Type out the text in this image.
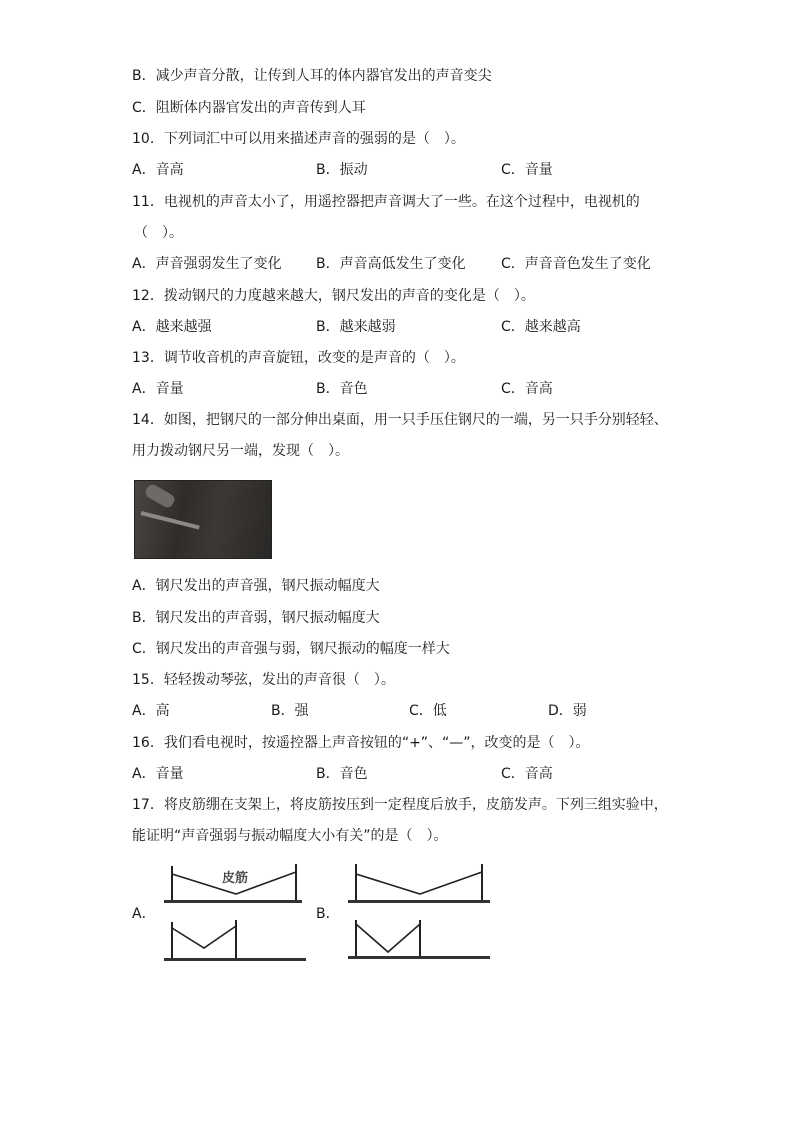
B．减少声音分散，让传到人耳的体内器官发出的声音变尖
C．阻断体内器官发出的声音传到人耳
10．下列词汇中可以用来描述声音的强弱的是（　）。
A．音高	B．振动	C．音量
11．电视机的声音太小了，用遥控器把声音调大了一些。在这个过程中，电视机的
（　）。
A．声音强弱发生了变化 B．声音高低发生了变化	C．声音音色发生了变化
12．拨动钢尺的力度越来越大，钢尺发出的声音的变化是（　）。
A．越来越强	B．越来越弱	C．越来越高
13．调节收音机的声音旋钮，改变的是声音的（　）。
A．音量	B．音色	C．音高
14．如图，把钢尺的一部分伸出桌面，用一只手压住钢尺的一端，另一只手分别轻轻、
用力拨动钢尺另一端，发现（　）。
A．钢尺发出的声音强，钢尺振动幅度大
B．钢尺发出的声音弱，钢尺振动幅度大
C．钢尺发出的声音强与弱，钢尺振动的幅度一样大
15．轻轻拨动琴弦，发出的声音很（　）。
A．高	B．强	C．低	D．弱
16．我们看电视时，按遥控器上声音按钮的“+”、“—”，改变的是（　）。
A．音量	B．音色	C．音高
17．将皮筋绷在支架上，将皮筋按压到一定程度后放手，皮筋发声。下列三组实验中，
能证明“声音强弱与振动幅度大小有关”的是（　）。
A．	B．
皮筋
